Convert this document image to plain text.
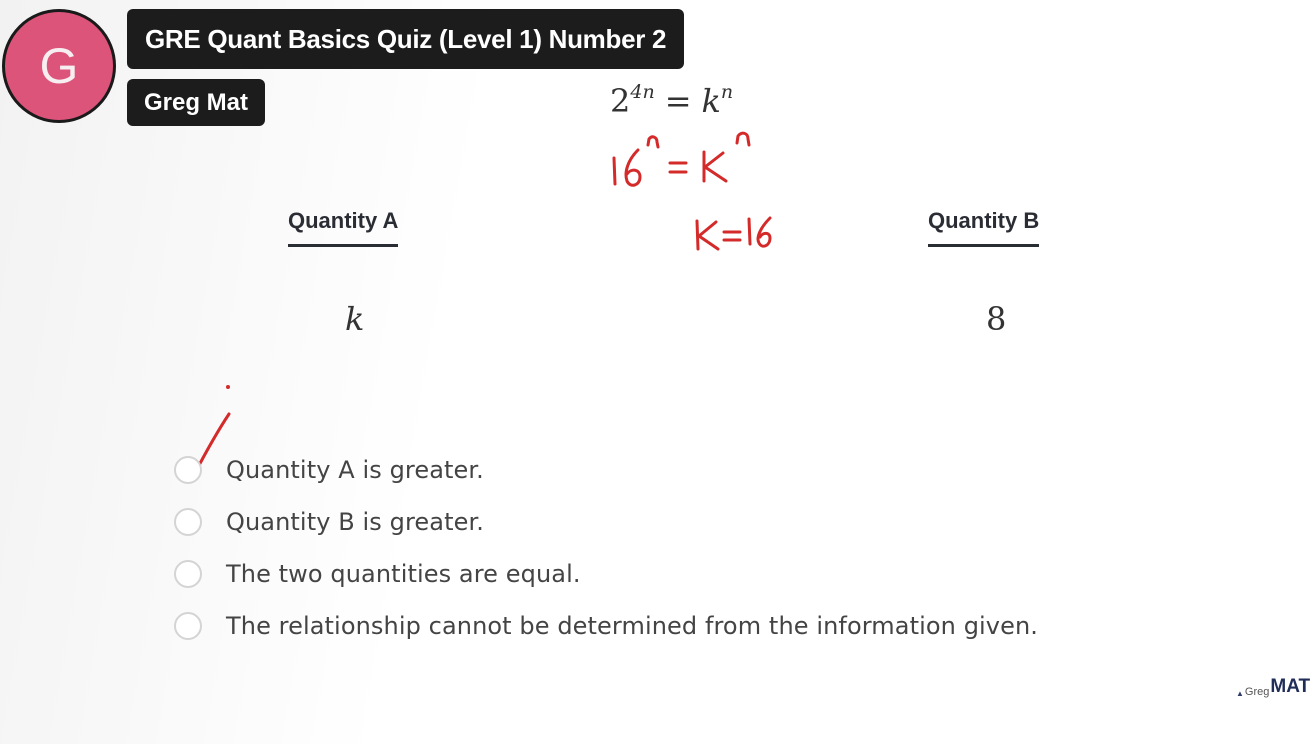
G	GRE Quant Basics Quiz (Level 1) Number 2
Greg Mat	$2^{4n} = k^n$
Quantity A	Quantity B
k	8
Quantity A is greater.
Quantity B is greater.
The two quantities are equal.
The relationship cannot be determined from the information given.
▲ Greg MAT
